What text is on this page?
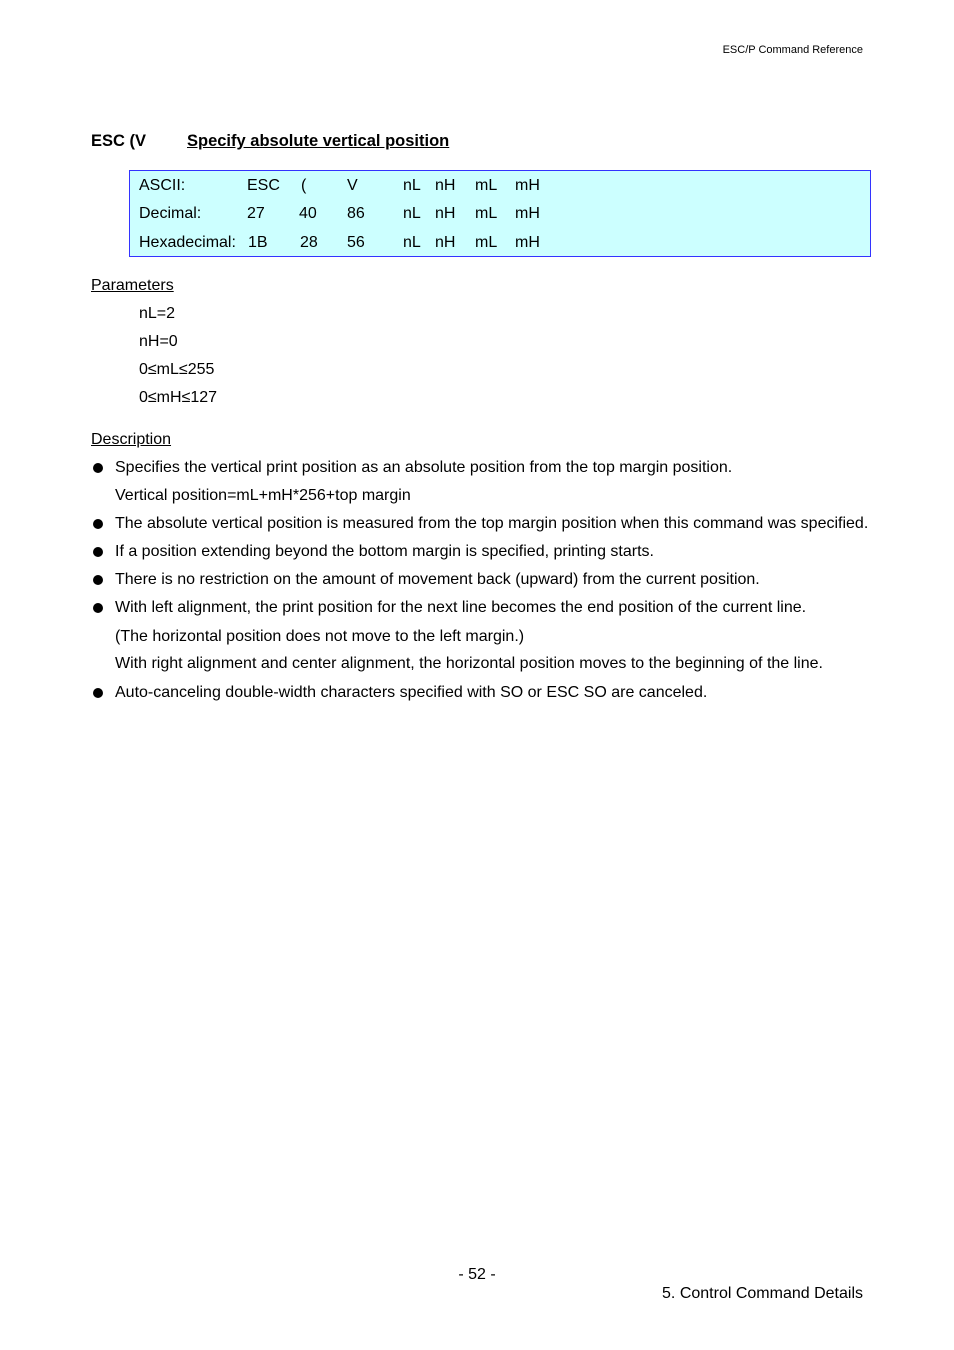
ESC/P Command Reference
ESC (V Specify absolute vertical position
ASCII:	ESC (	V	nL nH mL mH
Decimal:	27 40 86 nL nH mL mH
Hexadecimal: 1B 28 56 nL nH mL mH
Parameters
nL=2
nH=0
0≤mL≤255
0≤mH≤127
Description
Specifies the vertical print position as an absolute position from the top margin position.
Vertical position=mL+mH*256+top margin
The absolute vertical position is measured from the top margin position when this command was specified.
If a position extending beyond the bottom margin is specified, printing starts.
There is no restriction on the amount of movement back (upward) from the current position.
With left alignment, the print position for the next line becomes the end position of the current line.
(The horizontal position does not move to the left margin.)
With right alignment and center alignment, the horizontal position moves to the beginning of the line.
Auto-canceling double-width characters specified with SO or ESC SO are canceled.
- 52 -
5. Control Command Details
